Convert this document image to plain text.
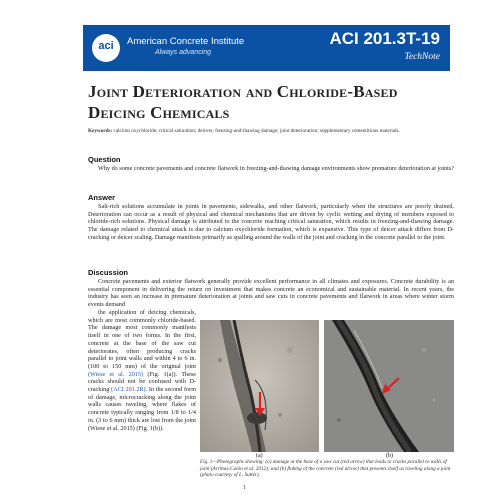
aci	American Concrete Institute
Always advancing
ACI 201.3T-19
TechNote
Joint Deterioration and Chloride-Based Deicing Chemicals
Keywords: calcium oxychloride; critical saturation; deicers; freezing-and-thawing damage; joint deterioration; supplementary cementitious materials.
Question
Why do some concrete pavements and concrete flatwork in freezing-and-thawing damage environments show premature deterioration at joints?
Answer
Salt-rich solutions accumulate in joints in pavements, sidewalks, and other flatwork, particularly when the structures are poorly drained. Deterioration can occur as a result of physical and chemical mechanisms that are driven by cyclic wetting and drying of members exposed to chloride-rich solutions. Physical damage is attributed to the concrete reaching critical saturation, which results in freezing-and-thawing damage. The damage related to chemical attack is due to calcium oxychloride formation, which is expansive. This type of deicer attack differs from D-cracking or deicer scaling. Damage manifests primarily as spalling around the walls of the joint and cracking in the concrete parallel to the joint.
Discussion
Concrete pavements and exterior flatwork generally provide excellent performance in all climates and exposures. Concrete durability is an essential component in delivering the return on investment that makes concrete an economical and sustainable material. In recent years, the industry has seen an increase in premature deterioration at joints and saw cuts in concrete pavements and flatwork in areas where winter storm events demand
the application of deicing chemicals, which are most commonly chloride-based. The damage most commonly manifests itself in one of two forms. In the first, concrete at the base of the saw cut deteriorates, often producing cracks parallel to joint walls and within 4 to 6 in. (100 to 150 mm) of the original joint (Wiese et al. 2015) (Fig. 1(a)). These cracks should not be confused with D-cracking (ACI 201.2R). In the second form of damage, microcracking along the joint walls causes raveling, where flakes of concrete typically ranging from 1/8 to 1/4 in. (3 to 6 mm) thick are lost from the joint (Wiese et al. 2015) (Fig. 1(b)).
(a)	(b)
Fig. 1—Photographs showing: (a) damage at the base of a saw cut (red arrow) that leads to cracks parallel to walls of joint (Arribas-Colón et al. 2012); and (b) flaking of the concrete (red arrow) that presents itself as raveling along a joint (photo courtesy of L. Sutter).
1
